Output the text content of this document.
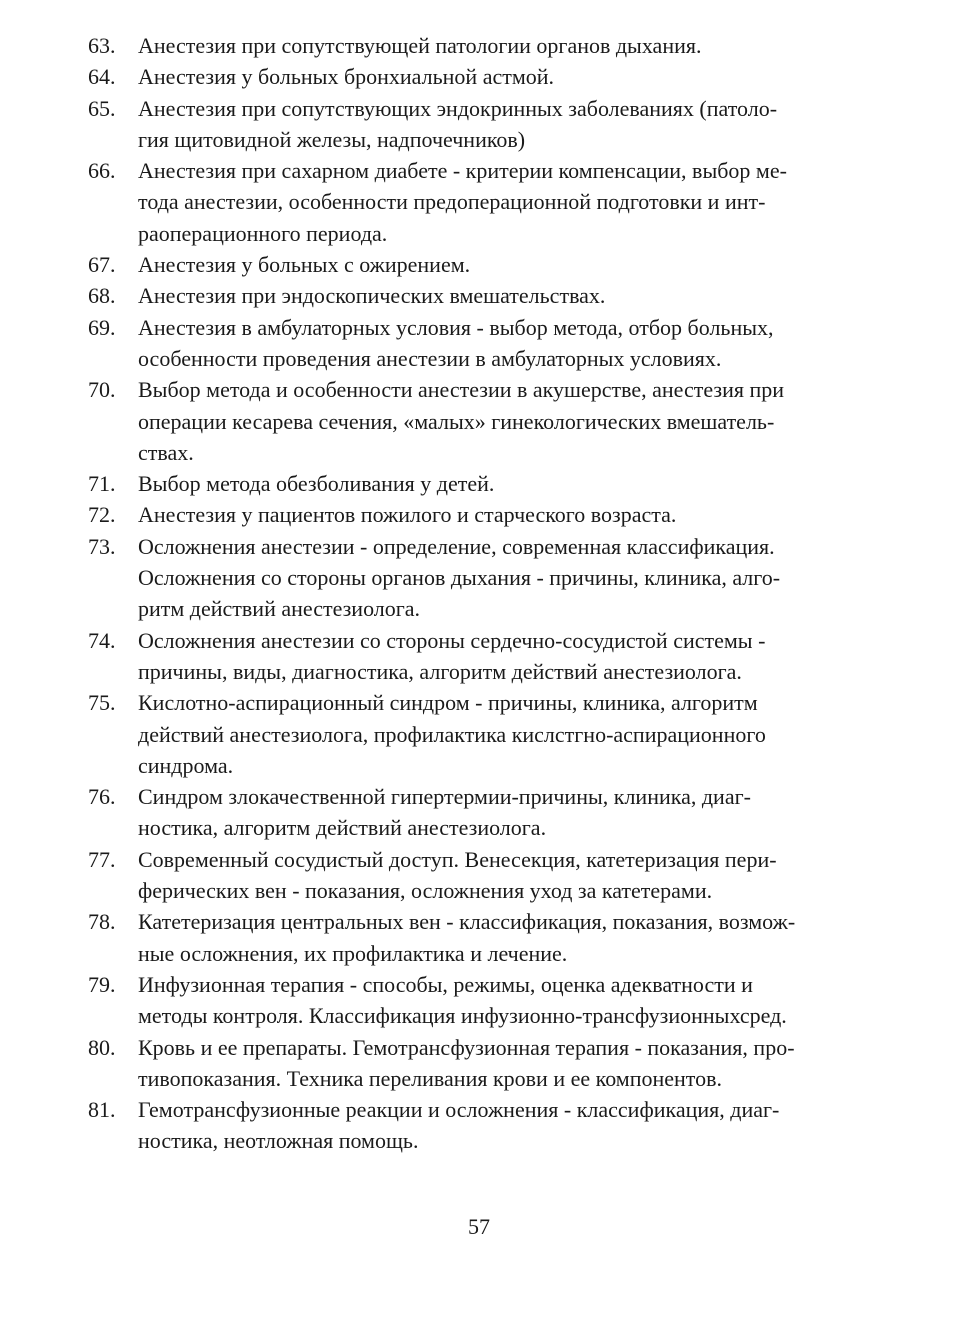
63.	Анестезия при сопутствующей патологии органов дыхания.
64.	Анестезия у больных бронхиальной астмой.
65.	Анестезия при сопутствующих эндокринных заболеваниях (патоло-
гия щитовидной железы, надпочечников)
66.	Анестезия при сахарном диабете - критерии компенсации, выбор ме-
тода анестезии, особенности предоперационной подготовки и инт-
раоперационного периода.
67.	Анестезия у больных с ожирением.
68.	Анестезия при эндоскопических вмешательствах.
69.	Анестезия в амбулаторных условия - выбор метода, отбор больных,
особенности проведения анестезии в амбулаторных условиях.
70.	Выбор метода и особенности анестезии в акушерстве, анестезия при
операции кесарева сечения, «малых» гинекологических вмешатель-
ствах.
71.	Выбор метода обезболивания у детей.
72.	Анестезия у пациентов пожилого и старческого возраста.
73.	Осложнения анестезии - определение, современная классификация.
Осложнения со стороны органов дыхания - причины, клиника, алго-
ритм действий анестезиолога.
74.	Осложнения анестезии со стороны сердечно-сосудистой системы -
причины, виды, диагностика, алгоритм действий анестезиолога.
75.	Кислотно-аспирационный синдром - причины, клиника, алгоритм
действий анестезиолога, профилактика кислстгно-аспирационного
синдрома.
76.	Синдром злокачественной гипертермии-причины, клиника, диаг-
ностика, алгоритм действий анестезиолога.
77.	Современный сосудистый доступ. Венесекция, катетеризация пери-
ферических вен - показания, осложнения уход за катетерами.
78.	Катетеризация центральных вен - классификация, показания, возмож-
ные осложнения, их профилактика и лечение.
79.	Инфузионная терапия - способы, режимы, оценка адекватности и
методы контроля. Классификация инфузионно-трансфузионныхсред.
80.	Кровь и ее препараты. Гемотрансфузионная терапия - показания, про-
тивопоказания. Техника переливания крови и ее компонентов.
81.	Гемотрансфузионные реакции и осложнения - классификация, диаг-
ностика, неотложная помощь.
57
